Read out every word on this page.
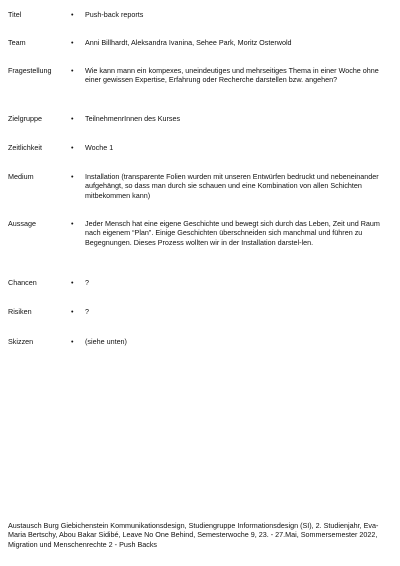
Titel	• Push-back reports
Team	• Anni Billhardt, Aleksandra Ivanina, Sehee Park, Moritz Osterwold
Fragestellung	• Wie kann mann ein kompexes, uneindeutiges und mehrseitiges Thema in einer Woche ohne einer gewissen Expertise, Erfahrung oder Recherche darstellen bzw. angehen?
Zielgruppe	• TeilnehmenrInnen des Kurses
Zeitlichkeit	• Woche 1
Medium	• Installation (transparente Folien wurden mit unseren Entwürfen bedruckt und nebeneinander aufgehängt, so dass man durch sie schauen und eine Kombination von allen Schichten mitbekommen kann)
Aussage	• Jeder Mensch hat eine eigene Geschichte und bewegt sich durch das Leben, Zeit und Raum nach eigenem “Plan”. Einige Geschichten überschneiden sich manchmal und führen zu Begegnungen. Dieses Prozess wollten wir in der Installation darstel-len.
Chancen	• ?
Risiken	• ?
Skizzen	• (siehe unten)
Austausch Burg Giebichenstein Kommunikationsdesign, Studiengruppe Informationsdesign (SI), 2. Studienjahr, Eva-Maria Bertschy, Abou Bakar Sidibé, Leave No One Behind, Semesterwoche 9, 23. - 27.Mai, Sommersemester 2022, Migration und Menschenrechte 2 - Push Backs
